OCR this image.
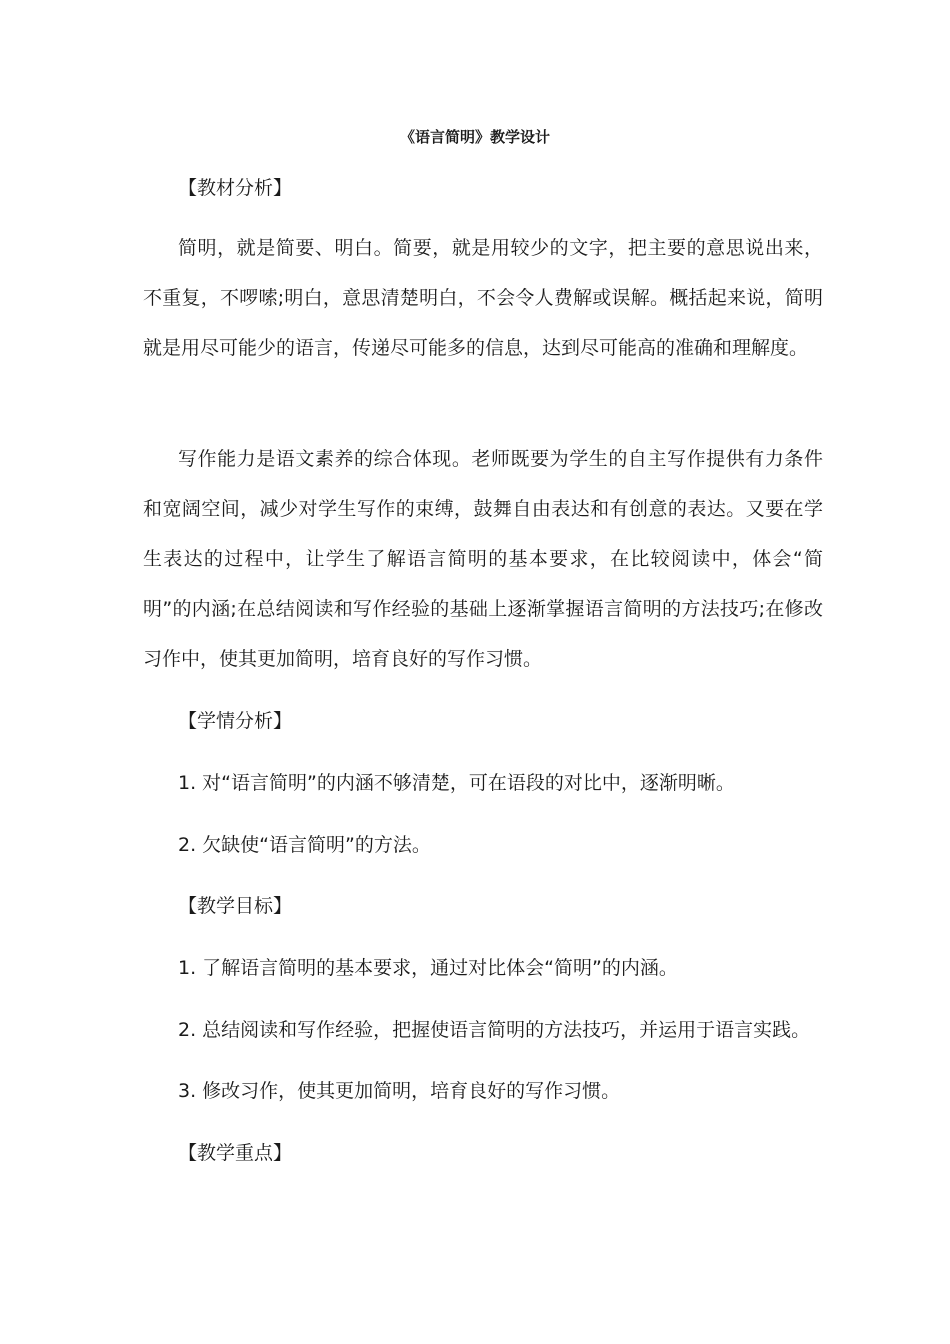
《语言简明》教学设计
【教材分析】

简明，就是简要、明白。简要，就是用较少的文字，把主要的意思说出来，不重复，不啰嗦;明白，意思清楚明白，不会令人费解或误解。概括起来说，简明就是用尽可能少的语言，传递尽可能多的信息，达到尽可能高的准确和理解度。

写作能力是语文素养的综合体现。老师既要为学生的自主写作提供有力条件和宽阔空间，减少对学生写作的束缚，鼓舞自由表达和有创意的表达。又要在学生表达的过程中，让学生了解语言简明的基本要求，在比较阅读中，体会“简明”的内涵;在总结阅读和写作经验的基础上逐渐掌握语言简明的方法技巧;在修改习作中，使其更加简明，培育良好的写作习惯。

【学情分析】
1. 对“语言简明”的内涵不够清楚，可在语段的对比中，逐渐明晰。
2. 欠缺使“语言简明”的方法。
【教学目标】
1. 了解语言简明的基本要求，通过对比体会“简明”的内涵。
2. 总结阅读和写作经验，把握使语言简明的方法技巧，并运用于语言实践。
3. 修改习作，使其更加简明，培育良好的写作习惯。
【教学重点】
